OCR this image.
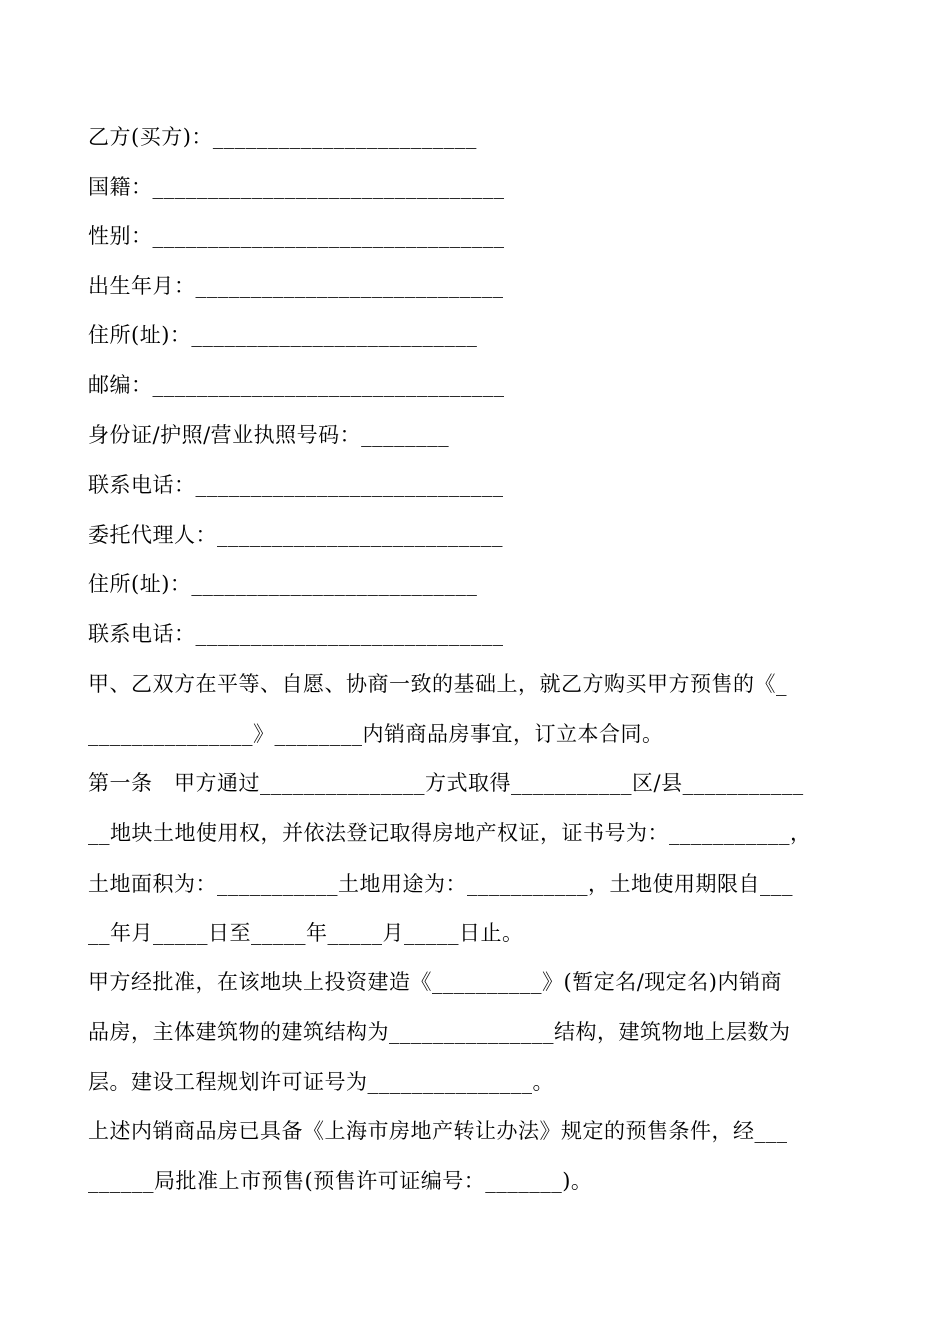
乙方(买方)：________________________
国籍：________________________________
性别：________________________________
出生年月：____________________________
住所(址)：__________________________
邮编：________________________________
身份证/护照/营业执照号码：________
联系电话：____________________________
委托代理人：__________________________
住所(址)：__________________________
联系电话：____________________________
甲、乙双方在平等、自愿、协商一致的基础上，就乙方购买甲方预售的《_
_______________》________内销商品房事宜，订立本合同。
第一条　甲方通过_______________方式取得___________区/县___________
__地块土地使用权，并依法登记取得房地产权证，证书号为：___________，
土地面积为：___________土地用途为：___________，土地使用期限自___
__年月_____日至_____年_____月_____日止。
甲方经批准，在该地块上投资建造《__________》(暂定名/现定名)内销商
品房，主体建筑物的建筑结构为_______________结构，建筑物地上层数为
层。建设工程规划许可证号为_______________。
上述内销商品房已具备《上海市房地产转让办法》规定的预售条件，经___
______局批准上市预售(预售许可证编号：_______)。
